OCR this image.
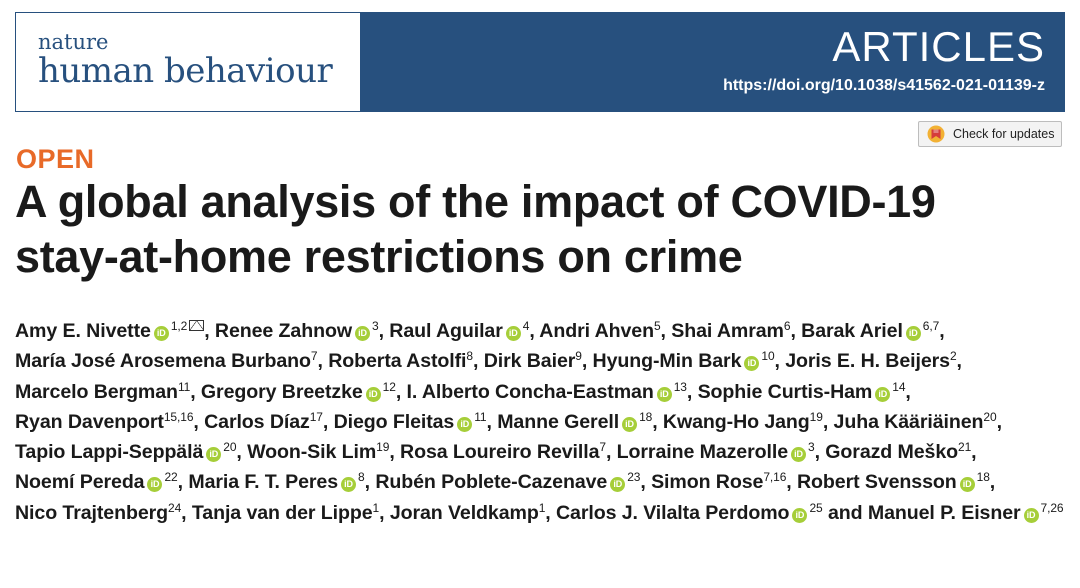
nature
human behaviour
ARTICLES
https://doi.org/10.1038/s41562-021-01139-z
Check for updates
OPEN
A global analysis of the impact of COVID-19
stay-at-home restrictions on crime

Amy E. Nivette iD $^{1,2}$ , Renee Zahnow iD $^3$, Raul Aguilar iD $^4$, Andri Ahven$^5$, Shai Amram$^6$, Barak Ariel iD $^{6,7}$, María José Arosemena Burbano$^7$, Roberta Astolfi$^8$, Dirk Baier$^9$, Hyung-Min Bark iD $^{10}$, Joris E. H. Beijers$^2$, Marcelo Bergman$^{11}$, Gregory Breetzke iD $^{12}$, I. Alberto Concha-Eastman iD $^{13}$, Sophie Curtis-Ham iD $^{14}$, Ryan Davenport$^{15,16}$, Carlos Díaz$^{17}$, Diego Fleitas iD $^{11}$, Manne Gerell iD $^{18}$, Kwang-Ho Jang$^{19}$, Juha Kääriäinen$^{20}$, Tapio Lappi-Seppälä iD $^{20}$, Woon-Sik Lim$^{19}$, Rosa Loureiro Revilla$^7$, Lorraine Mazerolle iD $^3$, Gorazd Meško$^{21}$, Noemí Pereda iD $^{22}$, Maria F. T. Peres iD $^8$, Rubén Poblete-Cazenave iD $^{23}$, Simon Rose$^{7,16}$, Robert Svensson iD $^{18}$, Nico Trajtenberg$^{24}$, Tanja van der Lippe$^1$, Joran Veldkamp$^1$, Carlos J. Vilalta Perdomo iD $^{25}$ and Manuel P. Eisner iD $^{7,26}$
